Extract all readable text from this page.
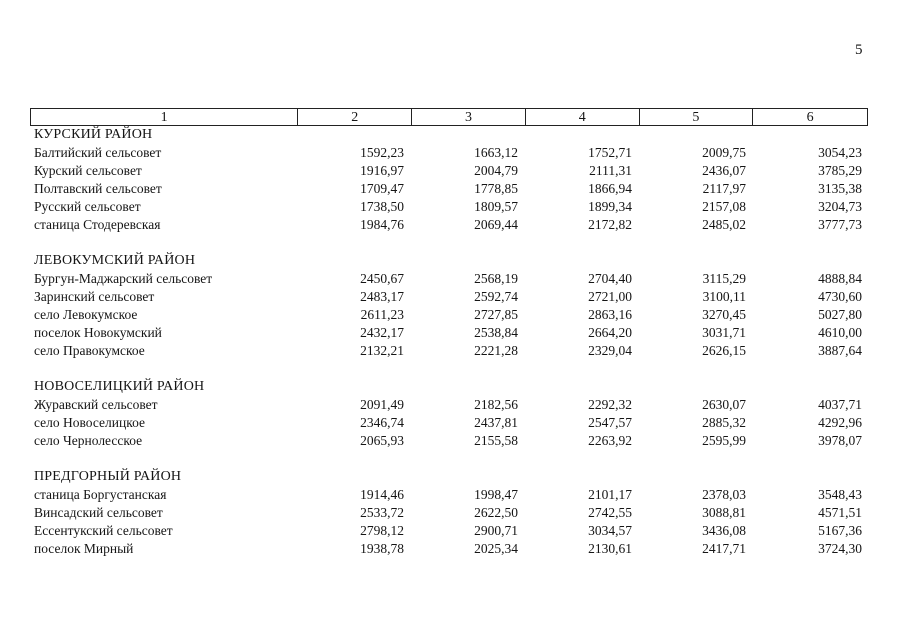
5
1	2	3	4	5	6
КУРСКИЙ РАЙОН
Балтийский сельсовет	1592,23	1663,12	1752,71	2009,75	3054,23
Курский сельсовет	1916,97	2004,79	2111,31	2436,07	3785,29
Полтавский сельсовет	1709,47	1778,85	1866,94	2117,97	3135,38
Русский сельсовет	1738,50	1809,57	1899,34	2157,08	3204,73
станица Стодеревская	1984,76	2069,44	2172,82	2485,02	3777,73
ЛЕВОКУМСКИЙ РАЙОН
Бургун-Маджарский сельсовет	2450,67	2568,19	2704,40	3115,29	4888,84
Заринский сельсовет	2483,17	2592,74	2721,00	3100,11	4730,60
село Левокумское	2611,23	2727,85	2863,16	3270,45	5027,80
поселок Новокумский	2432,17	2538,84	2664,20	3031,71	4610,00
село Правокумское	2132,21	2221,28	2329,04	2626,15	3887,64
НОВОСЕЛИЦКИЙ РАЙОН
Журавский сельсовет	2091,49	2182,56	2292,32	2630,07	4037,71
село Новоселицкое	2346,74	2437,81	2547,57	2885,32	4292,96
село Чернолесское	2065,93	2155,58	2263,92	2595,99	3978,07
ПРЕДГОРНЫЙ РАЙОН
станица Боргустанская	1914,46	1998,47	2101,17	2378,03	3548,43
Винсадский сельсовет	2533,72	2622,50	2742,55	3088,81	4571,51
Ессентукский сельсовет	2798,12	2900,71	3034,57	3436,08	5167,36
поселок Мирный	1938,78	2025,34	2130,61	2417,71	3724,30
